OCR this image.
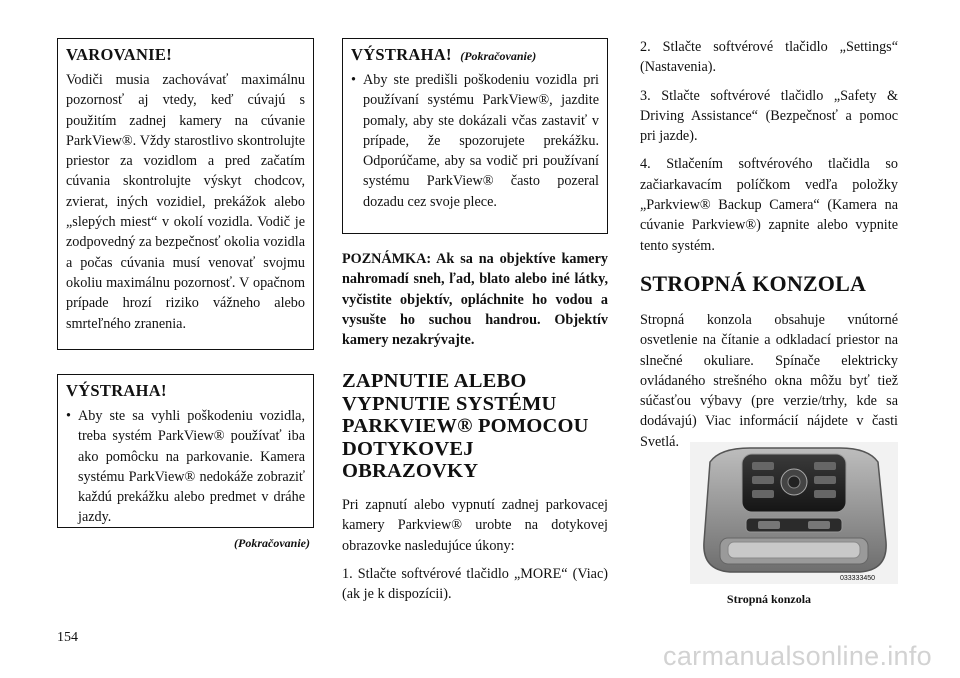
VAROVANIE!

Vodiči musia zachovávať maximálnu pozornosť aj vtedy, keď cúvajú s použitím zadnej kamery na cúvanie ParkView®. Vždy starostlivo skontrolujte priestor za vozidlom a pred začatím cúvania skontrolujte výskyt chodcov, zvierat, iných vozidiel, prekážok alebo „slepých miest“ v okolí vozidla. Vodič je zodpovedný za bezpečnosť okolia vozidla a počas cúvania musí venovať svojmu okoliu maximálnu pozornosť. V opačnom prípade hrozí riziko vážneho alebo smrteľného zranenia.

VÝSTRAHA!
• Aby ste sa vyhli poškodeniu vozidla, treba systém ParkView® používať iba ako pomôcku na parkovanie. Kamera systému ParkView® nedokáže zobraziť každú prekážku alebo predmet v dráhe jazdy.
(Pokračovanie)
VÝSTRAHA! (Pokračovanie)
• Aby ste predišli poškodeniu vozidla pri používaní systému ParkView®, jazdite pomaly, aby ste dokázali včas zastaviť v prípade, že spozorujete prekážku. Odporúčame, aby sa vodič pri používaní systému ParkView® často pozeral dozadu cez svoje plece.

POZNÁMKA: Ak sa na objektíve kamery nahromadí sneh, ľad, blato alebo iné látky, vyčistite objektív, opláchnite ho vodou a vysušte ho suchou handrou. Objektív kamery nezakrývajte.

ZAPNUTIE ALEBO VYPNUTIE SYSTÉMU PARKVIEW® POMOCOU DOTYKOVEJ OBRAZOVKY

Pri zapnutí alebo vypnutí zadnej parkovacej kamery Parkview® urobte na dotykovej obrazovke nasledujúce úkony:

1. Stlačte softvérové tlačidlo „MORE“ (Viac) (ak je k dispozícii).

2. Stlačte softvérové tlačidlo „Settings“ (Nastavenia).

3. Stlačte softvérové tlačidlo „Safety & Driving Assistance“ (Bezpečnosť a pomoc pri jazde).

4. Stlačením softvérového tlačidla so začiarkavacím políčkom vedľa položky „Parkview® Backup Camera“ (Kamera na cúvanie Parkview®) zapnite alebo vypnite tento systém.

STROPNÁ KONZOLA

Stropná konzola obsahuje vnútorné osvetlenie na čítanie a odkladací priestor na slnečné okuliare. Spínače elektricky ovládaného strešného okna môžu byť tiež súčasťou výbavy (pre verzie/trhy, kde sa dodávajú) Viac informácií nájdete v časti Svetlá.

033333450
Stropná konzola
154
carmanualsonline.info
